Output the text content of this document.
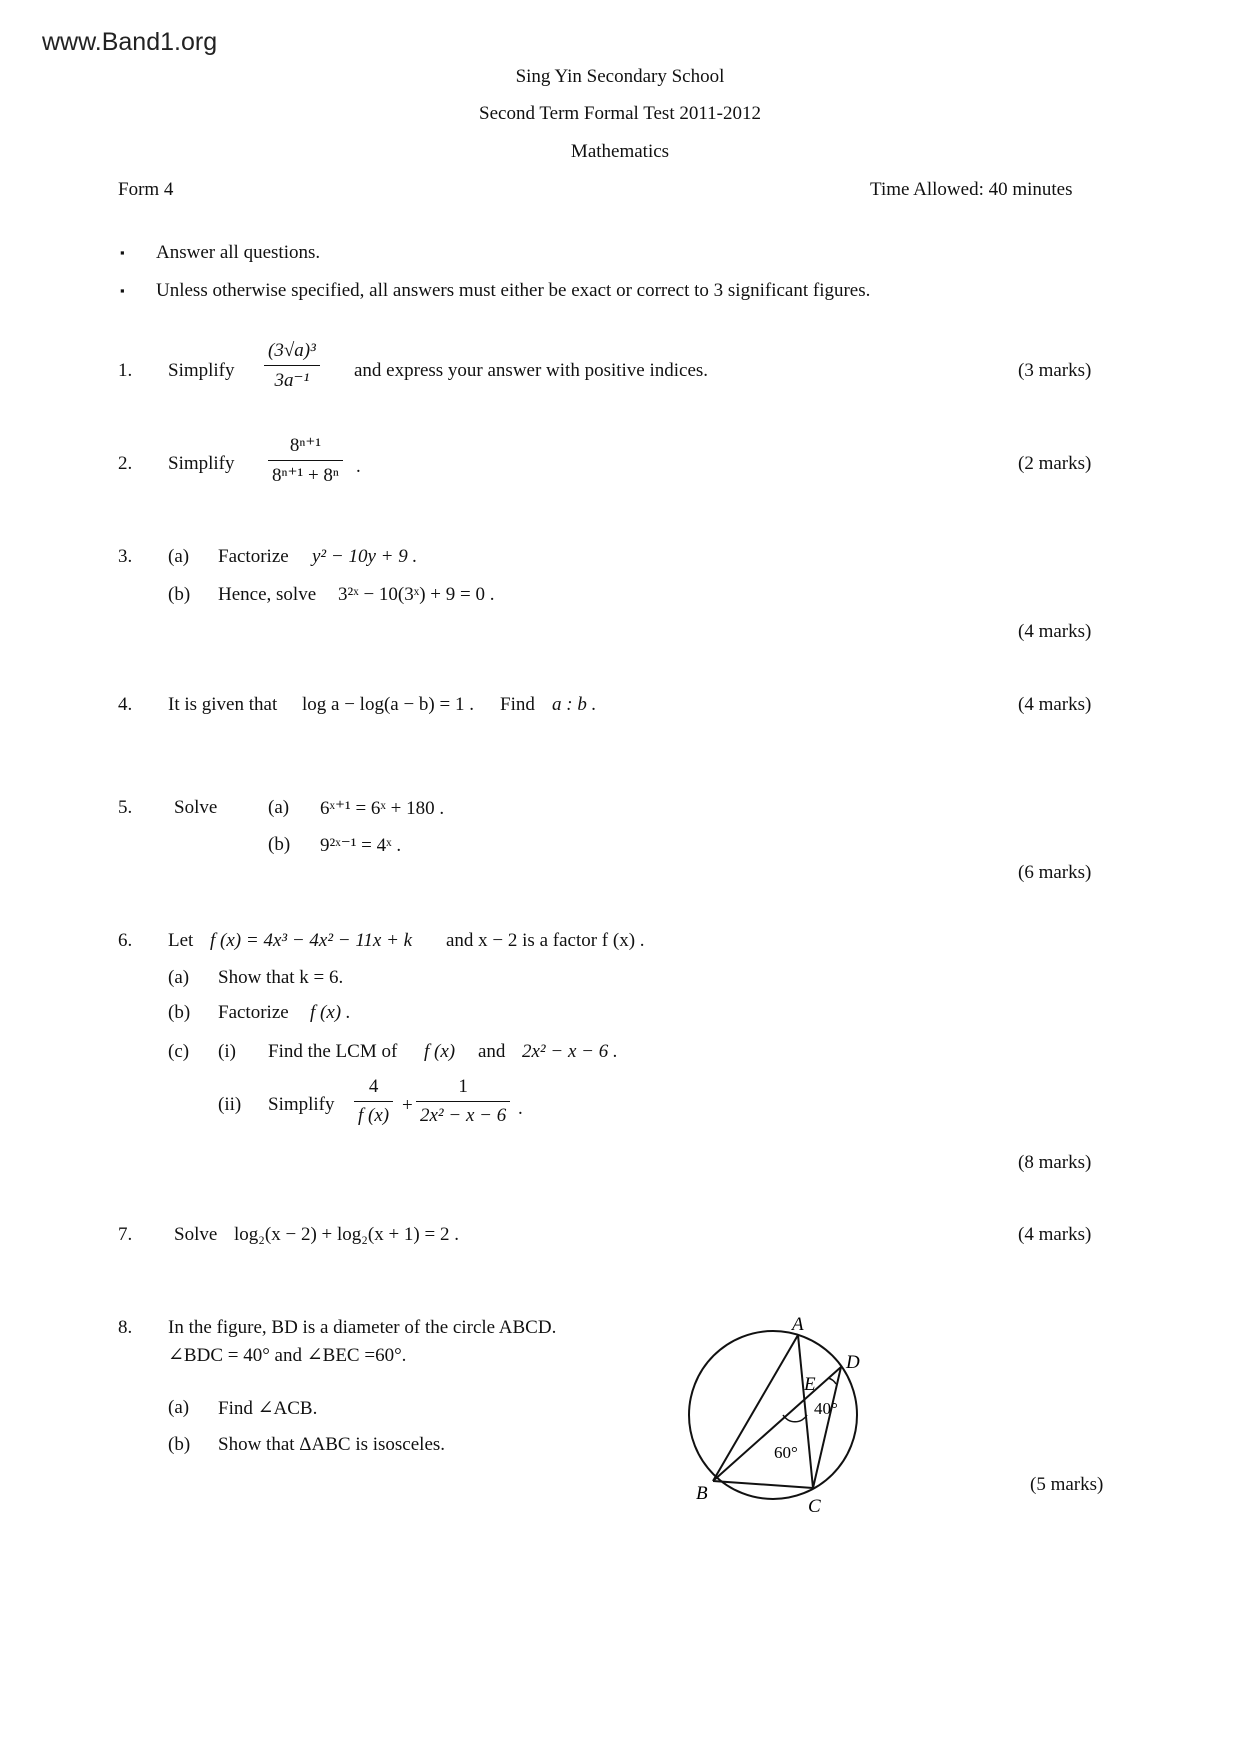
www.Band1.org
Sing Yin Secondary School
Second Term Formal Test 2011-2012
Mathematics
Form 4	Time Allowed: 40 minutes
▪ Answer all questions.
▪ Unless otherwise specified, all answers must either be exact or correct to 3 significant figures.
1. Simplify $\frac{\text{(3√a)³}}{\text{3a⁻¹}}$ and express your answer with positive indices.	(3 marks)
2. Simplify $\frac{\text{8ⁿ⁺¹}}{\text{8ⁿ⁺¹ + 8ⁿ}}$ .	(2 marks)
3. (a) Factorize y² − 10y + 9 .
(b) Hence, solve 3²ˣ − 10(3ˣ) + 9 = 0 .
(4 marks)
4. It is given that log a − log(a − b) = 1 . Find a : b .	(4 marks)
5. Solve	(a) 6ˣ⁺¹ = 6ˣ + 180 .
(b) 9²ˣ⁻¹ = 4ˣ .
(6 marks)
6. Let f (x) = 4x³ − 4x² − 11x + k and x − 2 is a factor f (x) .
(a) Show that k = 6.
(b) Factorize f (x) .
(c) (i) Find the LCM of f (x) and 2x² − x − 6 .
(ii) Simplify $\frac{4}{f (x)} + \frac{1}{\text{2x² − x − 6}}$ .
(8 marks)
7. Solve log₂(x − 2) + log₂(x + 1) = 2 .	(4 marks)
8. In the figure, BD is a diameter of the circle ABCD.
∠BDC = 40° and ∠BEC =60°.
(a) Find ∠ACB.
(b) Show that ΔABC is isosceles.
(5 marks)
A
B
C
D
E
40°
60°
